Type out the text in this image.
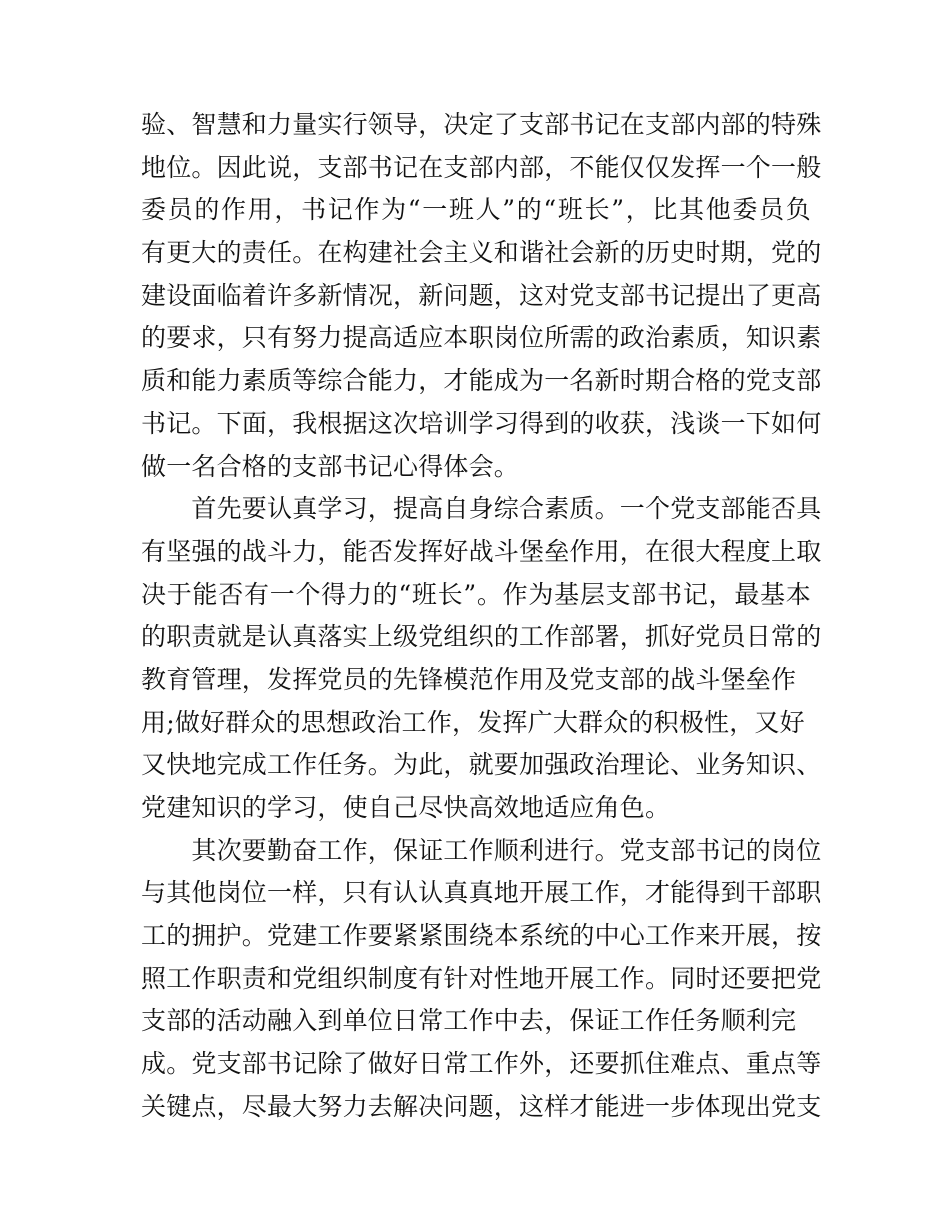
验、智慧和力量实行领导，决定了支部书记在支部内部的特殊
地位。因此说，支部书记在支部内部，不能仅仅发挥一个一般
委员的作用，书记作为“一班人”的“班长”，比其他委员负
有更大的责任。在构建社会主义和谐社会新的历史时期，党的
建设面临着许多新情况，新问题，这对党支部书记提出了更高
的要求，只有努力提高适应本职岗位所需的政治素质，知识素
质和能力素质等综合能力，才能成为一名新时期合格的党支部
书记。下面，我根据这次培训学习得到的收获，浅谈一下如何
做一名合格的支部书记心得体会。
　　首先要认真学习，提高自身综合素质。一个党支部能否具
有坚强的战斗力，能否发挥好战斗堡垒作用，在很大程度上取
决于能否有一个得力的“班长”。作为基层支部书记，最基本
的职责就是认真落实上级党组织的工作部署，抓好党员日常的
教育管理，发挥党员的先锋模范作用及党支部的战斗堡垒作
用;做好群众的思想政治工作，发挥广大群众的积极性，又好
又快地完成工作任务。为此，就要加强政治理论、业务知识、
党建知识的学习，使自己尽快高效地适应角色。
　　其次要勤奋工作，保证工作顺利进行。党支部书记的岗位
与其他岗位一样，只有认认真真地开展工作，才能得到干部职
工的拥护。党建工作要紧紧围绕本系统的中心工作来开展，按
照工作职责和党组织制度有针对性地开展工作。同时还要把党
支部的活动融入到单位日常工作中去，保证工作任务顺利完
成。党支部书记除了做好日常工作外，还要抓住难点、重点等
关键点，尽最大努力去解决问题，这样才能进一步体现出党支
